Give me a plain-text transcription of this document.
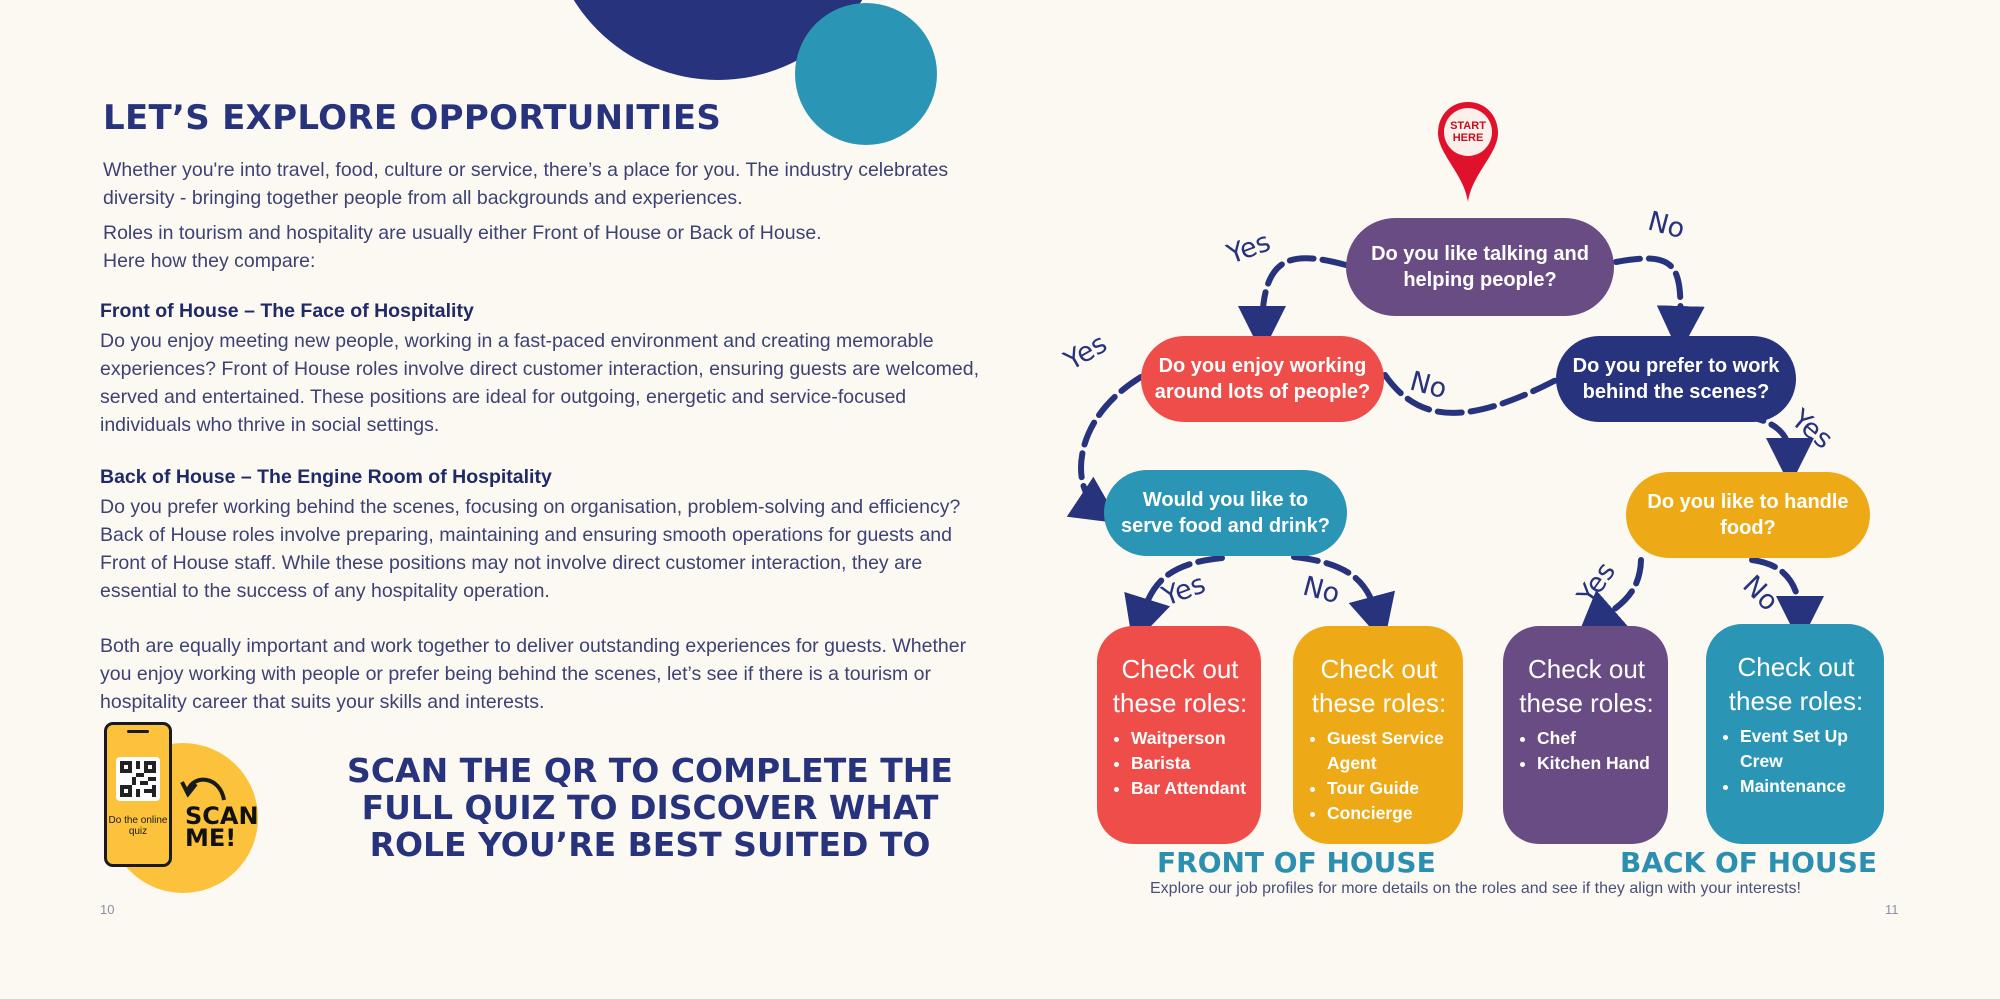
LET’S EXPLORE OPPORTUNITIES

Whether you're into travel, food, culture or service, there’s a place for you. The industry celebrates diversity - bringing together people from all backgrounds and experiences.

Roles in tourism and hospitality are usually either Front of House or Back of House.

Here how they compare:

Front of House – The Face of Hospitality

Do you enjoy meeting new people, working in a fast-paced environment and creating memorable experiences? Front of House roles involve direct customer interaction, ensuring guests are welcomed, served and entertained. These positions are ideal for outgoing, energetic and service-focused individuals who thrive in social settings.

Back of House – The Engine Room of Hospitality

Do you prefer working behind the scenes, focusing on organisation, problem-solving and efficiency? Back of House roles involve preparing, maintaining and ensuring smooth operations for guests and Front of House staff. While these positions may not involve direct customer interaction, they are essential to the success of any hospitality operation.

Both are equally important and work together to deliver outstanding experiences for guests. Whether you enjoy working with people or prefer being behind the scenes, let’s see if there is a tourism or hospitality career that suits your skills and interests.

Do the online quiz
SCAN ME!
SCAN THE QR TO COMPLETE THE FULL QUIZ TO DISCOVER WHAT ROLE YOU’RE BEST SUITED TO
10
START HERE
Yes
No
Yes
No
Yes
Yes	No	Yes	No
Do you like talking and helping people?
Do you enjoy working around lots of people?
Do you prefer to work behind the scenes?
Would you like to serve food and drink?
Do you like to handle food?
Check out these roles:
• Waitperson
• Barista
• Bar Attendant
Check out these roles:
• Guest Service Agent
• Tour Guide
• Concierge
Check out these roles:
• Chef
• Kitchen Hand
Check out these roles:
• Event Set Up Crew
• Maintenance
FRONT OF HOUSE	BACK OF HOUSE
Explore our job profiles for more details on the roles and see if they align with your interests!
11
